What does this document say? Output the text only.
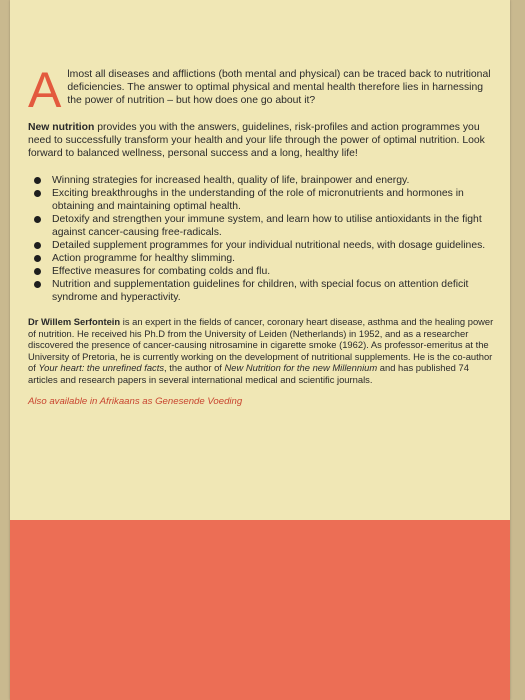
Almost all diseases and afflictions (both mental and physical) can be traced back to nutritional deficiencies. The answer to optimal physical and mental health therefore lies in harnessing the power of nutrition – but how does one go about it?

New nutrition provides you with the answers, guidelines, risk-profiles and action programmes you need to successfully transform your health and your life through the power of optimal nutrition. Look forward to balanced wellness, personal success and a long, healthy life!

Winning strategies for increased health, quality of life, brainpower and energy.
Exciting breakthroughs in the understanding of the role of micronutrients and hormones in obtaining and maintaining optimal health.
Detoxify and strengthen your immune system, and learn how to utilise antioxidants in the fight against cancer-causing free-radicals.
Detailed supplement programmes for your individual nutritional needs, with dosage guidelines.
Action programme for healthy slimming.
Effective measures for combating colds and flu.
Nutrition and supplementation guidelines for children, with special focus on attention deficit syndrome and hyperactivity.

Dr Willem Serfontein is an expert in the fields of cancer, coronary heart disease, asthma and the healing power of nutrition. He received his Ph.D from the University of Leiden (Netherlands) in 1952, and as a researcher discovered the presence of cancer-causing nitrosamine in cigarette smoke (1962). As professor-emeritus at the University of Pretoria, he is currently working on the development of nutritional supplements. He is the co-author of Your heart: the unrefined facts, the author of New Nutrition for the new Millennium and has published 74 articles and research papers in several international medical and scientific journals.

Also available in Afrikaans as Genesende Voeding
